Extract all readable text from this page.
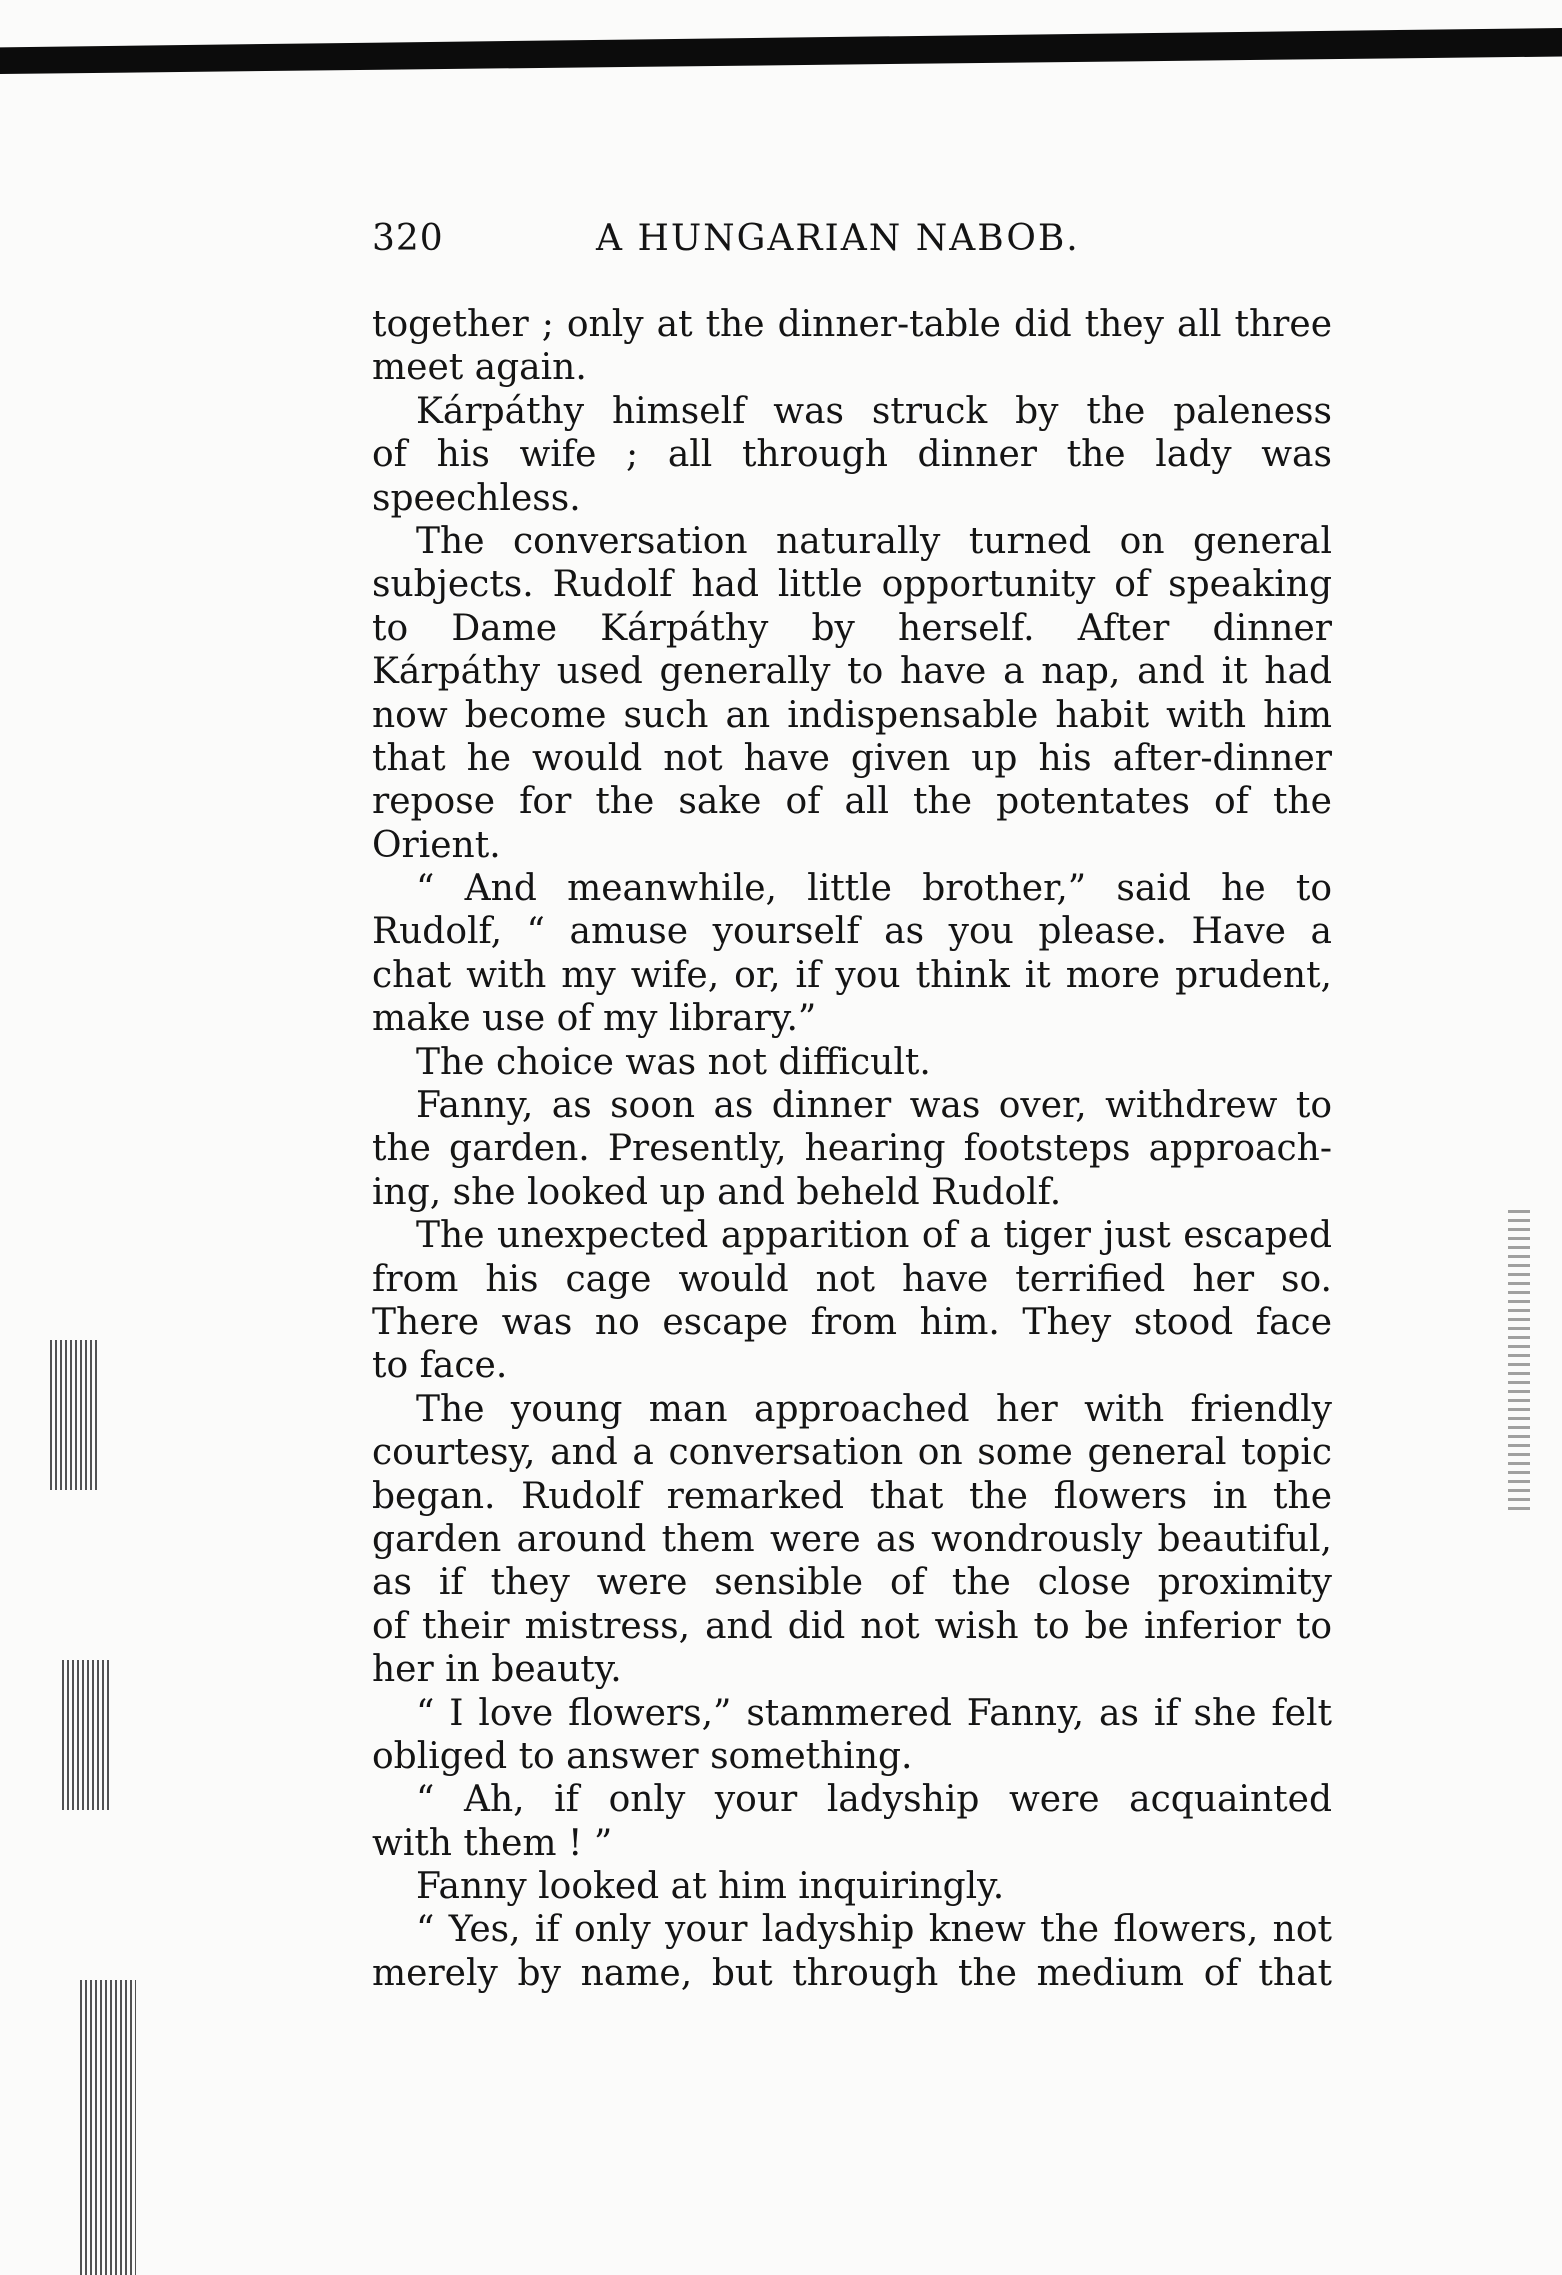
320	A HUNGARIAN NABOB.
together ; only at the dinner-table did they all three
meet again.
Kárpáthy himself was struck by the paleness
of his wife ; all through dinner the lady was
speechless.
The conversation naturally turned on general
subjects. Rudolf had little opportunity of speaking
to Dame Kárpáthy by herself. After dinner
Kárpáthy used generally to have a nap, and it had
now become such an indispensable habit with him
that he would not have given up his after-dinner
repose for the sake of all the potentates of the
Orient.
“ And meanwhile, little brother,” said he to
Rudolf, “ amuse yourself as you please. Have a
chat with my wife, or, if you think it more prudent,
make use of my library.”
The choice was not difficult.
Fanny, as soon as dinner was over, withdrew to
the garden. Presently, hearing footsteps approach-
ing, she looked up and beheld Rudolf.
The unexpected apparition of a tiger just escaped
from his cage would not have terrified her so.
There was no escape from him. They stood face
to face.
The young man approached her with friendly
courtesy, and a conversation on some general topic
began. Rudolf remarked that the flowers in the
garden around them were as wondrously beautiful,
as if they were sensible of the close proximity
of their mistress, and did not wish to be inferior to
her in beauty.
“ I love flowers,” stammered Fanny, as if she felt
obliged to answer something.
“ Ah, if only your ladyship were acquainted
with them ! ”
Fanny looked at him inquiringly.
“ Yes, if only your ladyship knew the flowers, not
merely by name, but through the medium of that
